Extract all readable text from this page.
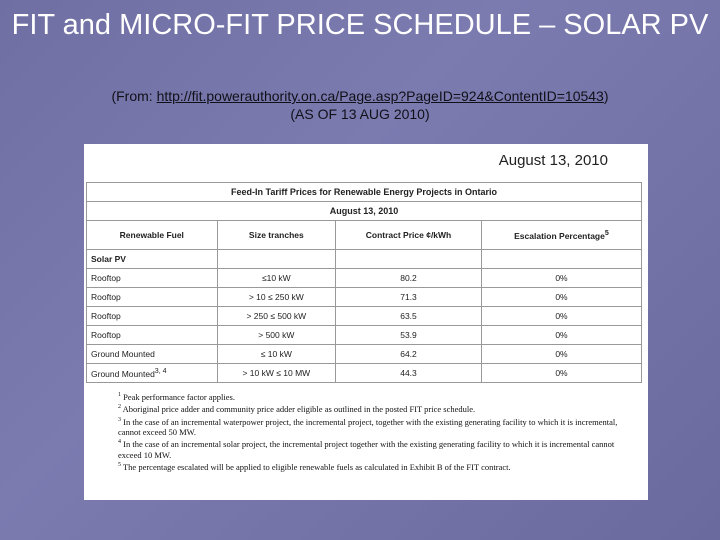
FIT and MICRO-FIT PRICE SCHEDULE – SOLAR PV
(From: http://fit.powerauthority.on.ca/Page.asp?PageID=924&ContentID=10543)
(AS OF 13 AUG 2010)
August 13, 2010
Feed-In Tariff Prices for Renewable Energy Projects in Ontario			
August 13, 2010			
Renewable Fuel	Size tranches	Contract Price ¢/kWh	Escalation Percentage$^5$
Solar PV			
Rooftop	≤10 kW	80.2	0%
Rooftop	> 10 ≤ 250 kW	71.3	0%
Rooftop	> 250 ≤ 500 kW	63.5	0%
Rooftop	> 500 kW	53.9	0%
Ground Mounted	≤ 10 kW	64.2	0%
Ground Mounted$^{3, 4}$	> 10 kW ≤ 10 MW	44.3	0%

$^1$ Peak performance factor applies.

$^2$ Aboriginal price adder and community price adder eligible as outlined in the posted FIT price schedule.

$^3$ In the case of an incremental waterpower project, the incremental project, together with the existing generating facility to which it is incremental, cannot exceed 50 MW.

$^4$ In the case of an incremental solar project, the incremental project together with the existing generating facility to which it is incremental cannot exceed 10 MW.

$^5$ The percentage escalated will be applied to eligible renewable fuels as calculated in Exhibit B of the FIT contract.
